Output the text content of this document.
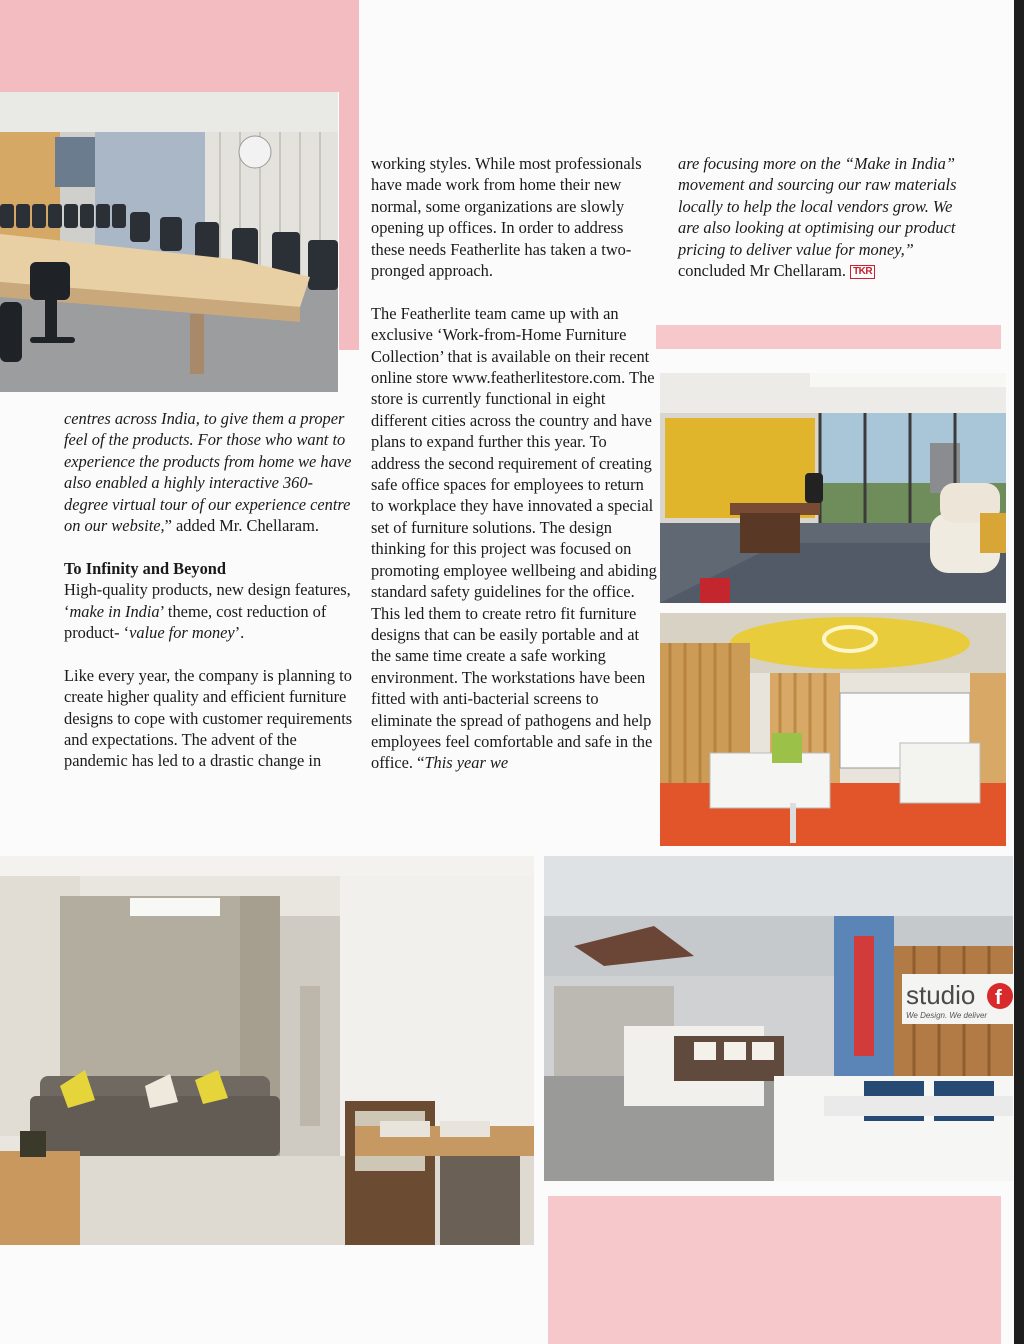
studio f
We Design. We deliver

centres across India, to give them a proper feel of the products. For those who want to experience the products from home we have also enabled a highly interactive 360-degree virtual tour of our experience centre on our website,” added Mr. Chellaram.

To Infinity and Beyond
High-quality products, new design features, ‘make in India’ theme, cost reduction of product- ‘value for money’.

Like every year, the company is planning to create higher quality and efficient furniture designs to cope with customer requirements and expectations. The advent of the pandemic has led to a drastic change in

working styles. While most professionals have made work from home their new normal, some organizations are slowly opening up offices. In order to address these needs Featherlite has taken a two-pronged approach.

The Featherlite team came up with an exclusive ‘Work-from-Home Furniture Collection’ that is available on their recent online store www.featherlitestore.com. The store is currently functional in eight different cities across the country and have plans to expand further this year. To address the second requirement of creating safe office spaces for employees to return to workplace they have innovated a special set of furniture solutions. The design thinking for this project was focused on promoting employee wellbeing and abiding standard safety guidelines for the office. This led them to create retro fit furniture designs that can be easily portable and at the same time create a safe working environment. The workstations have been fitted with anti-bacterial screens to eliminate the spread of pathogens and help employees feel comfortable and safe in the office. “This year we

are focusing more on the “Make in India” movement and sourcing our raw materials locally to help the local vendors grow. We are also looking at optimising our product pricing to deliver value for money,” concluded Mr Chellaram. TKR
